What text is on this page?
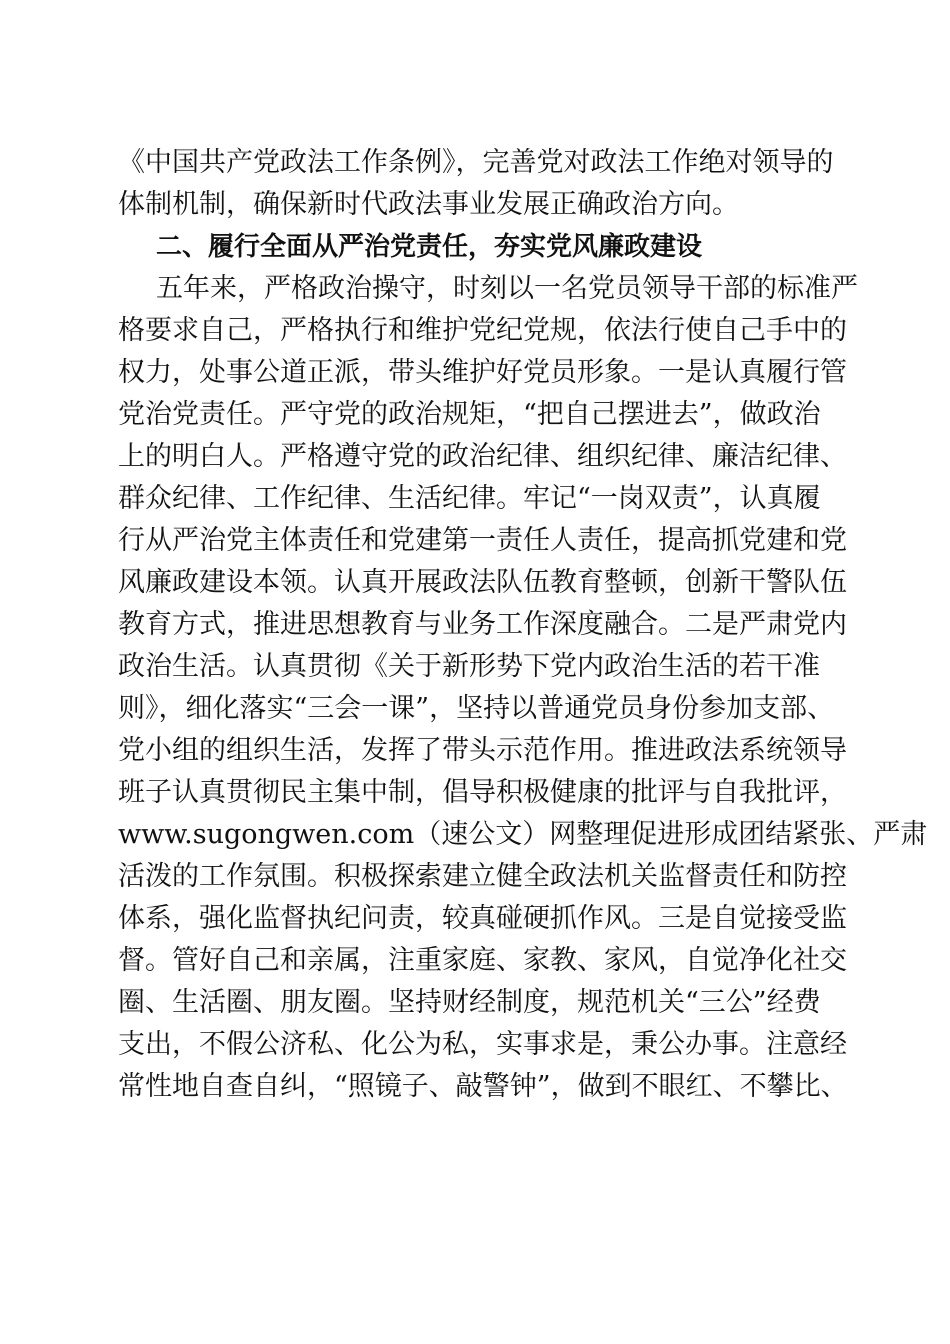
《中国共产党政法工作条例》，完善党对政法工作绝对领导的

体制机制，确保新时代政法事业发展正确政治方向。

二、履行全面从严治党责任，夯实党风廉政建设

五年来，严格政治操守，时刻以一名党员领导干部的标准严

格要求自己，严格执行和维护党纪党规，依法行使自己手中的

权力，处事公道正派，带头维护好党员形象。一是认真履行管

党治党责任。严守党的政治规矩，“把自己摆进去”，做政治

上的明白人。严格遵守党的政治纪律、组织纪律、廉洁纪律、

群众纪律、工作纪律、生活纪律。牢记“一岗双责”，认真履

行从严治党主体责任和党建第一责任人责任，提高抓党建和党

风廉政建设本领。认真开展政法队伍教育整顿，创新干警队伍

教育方式，推进思想教育与业务工作深度融合。二是严肃党内

政治生活。认真贯彻《关于新形势下党内政治生活的若干准

则》，细化落实“三会一课”，坚持以普通党员身份参加支部、

党小组的组织生活，发挥了带头示范作用。推进政法系统领导

班子认真贯彻民主集中制，倡导积极健康的批评与自我批评，

www.sugongwen.com（速公文）网整理促进形成团结紧张、严肃

活泼的工作氛围。积极探索建立健全政法机关监督责任和防控

体系，强化监督执纪问责，较真碰硬抓作风。三是自觉接受监

督。管好自己和亲属，注重家庭、家教、家风，自觉净化社交

圈、生活圈、朋友圈。坚持财经制度，规范机关“三公”经费

支出，不假公济私、化公为私，实事求是，秉公办事。注意经

常性地自查自纠，“照镜子、敲警钟”，做到不眼红、不攀比、
